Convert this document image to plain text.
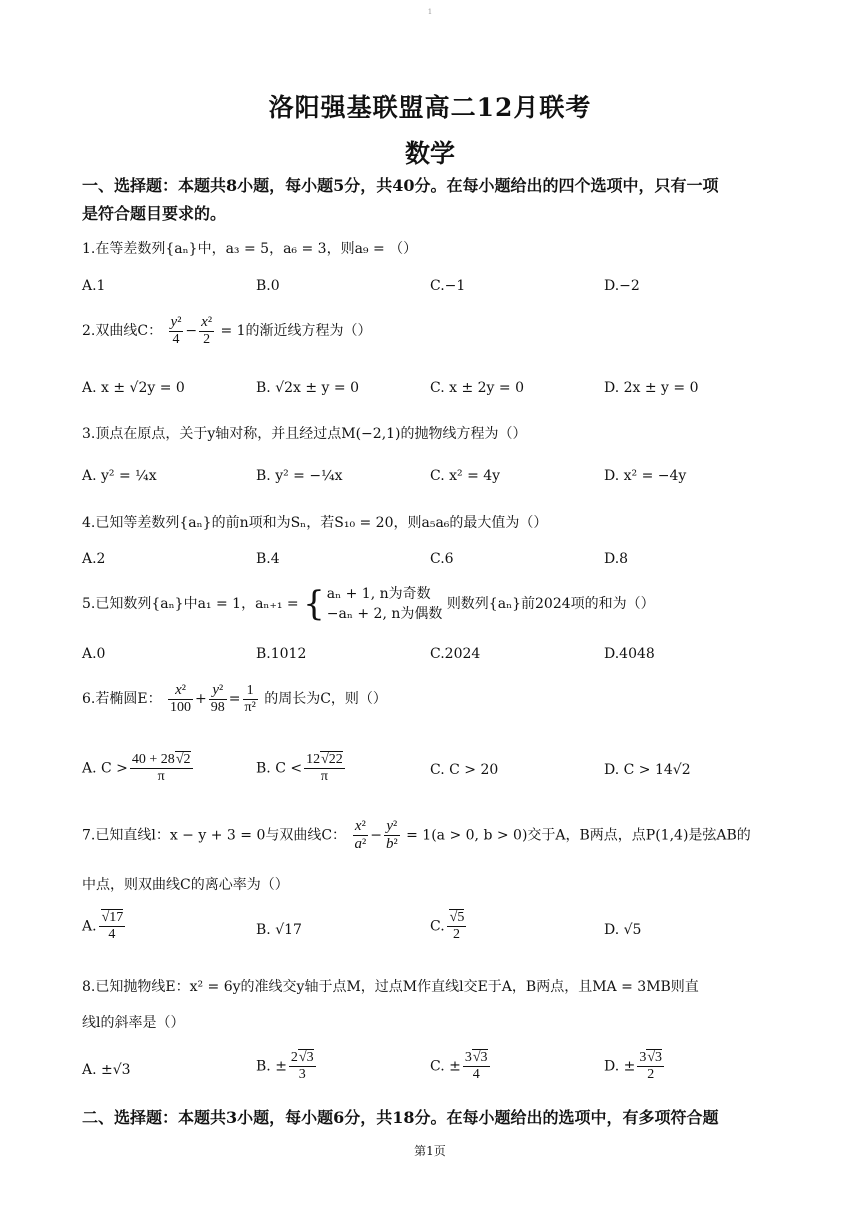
1
洛阳强基联盟高二12月联考
数学
一、选择题：本题共8小题，每小题5分，共40分。在每小题给出的四个选项中，只有一项
是符合题目要求的。
1.在等差数列{aₙ}中，a₃ = 5，a₆ = 3，则a₉ = （）
A.1	B.0	C.−1	D.−2
2.双曲线C： $\frac{\text{y²}}{4} - \frac{\text{x²}}{2} = 1$的渐近线方程为（）
A. x ± √2y = 0	B. √2x ± y = 0	C. x ± 2y = 0	D. 2x ± y = 0
3.顶点在原点，关于y轴对称，并且经过点M(−2,1)的抛物线方程为（）
A. y² = ¼x	B. y² = −¼x	C. x² = 4y	D. x² = −4y
4.已知等差数列{aₙ}的前n项和为Sₙ，若S₁₀ = 20，则a₅a₆的最大值为（）
A.2	B.4	C.6	D.8
5.已知数列{aₙ}中a₁ = 1，aₙ₊₁ = { aₙ + 1, n为奇数
−aₙ + 2, n为偶数
则数列{aₙ}前2024项的和为（）
A.0	B.1012	C.2024	D.4048
6.若椭圆E： $\frac{\text{x²}}{100} + \frac{\text{y²}}{98} = \frac{1}{\text{π²}}$ 的周长为C，则（）
A. $C > \frac{40 + 28√2}{\pi}$	B. $C < \frac{12√22}{\pi}$	C. C > 20	D. C > 14√2
7.已知直线l：x − y + 3 = 0与双曲线C： $\frac{\text{x²}}{\text{a²}} - \frac{\text{y²}}{\text{b²}} = 1(a > 0$, b > 0)交于A，B两点，点P(1,4)是弦AB的
中点，则双曲线C的离心率为（）
A. $\frac{√17}{4}$	B. √17	C. $\frac{√5}{2}$	D. √5
8.已知抛物线E：x² = 6y的准线交y轴于点M，过点M作直线l交E于A，B两点，且MA = 3MB则直
线l的斜率是（）
A. ±√3	B. ± $\frac{2√3}{3}$	C. ± $\frac{3√3}{4}$	D. ± $\frac{3√3}{2}$
二、选择题：本题共3小题，每小题6分，共18分。在每小题给出的选项中，有多项符合题
第1页
